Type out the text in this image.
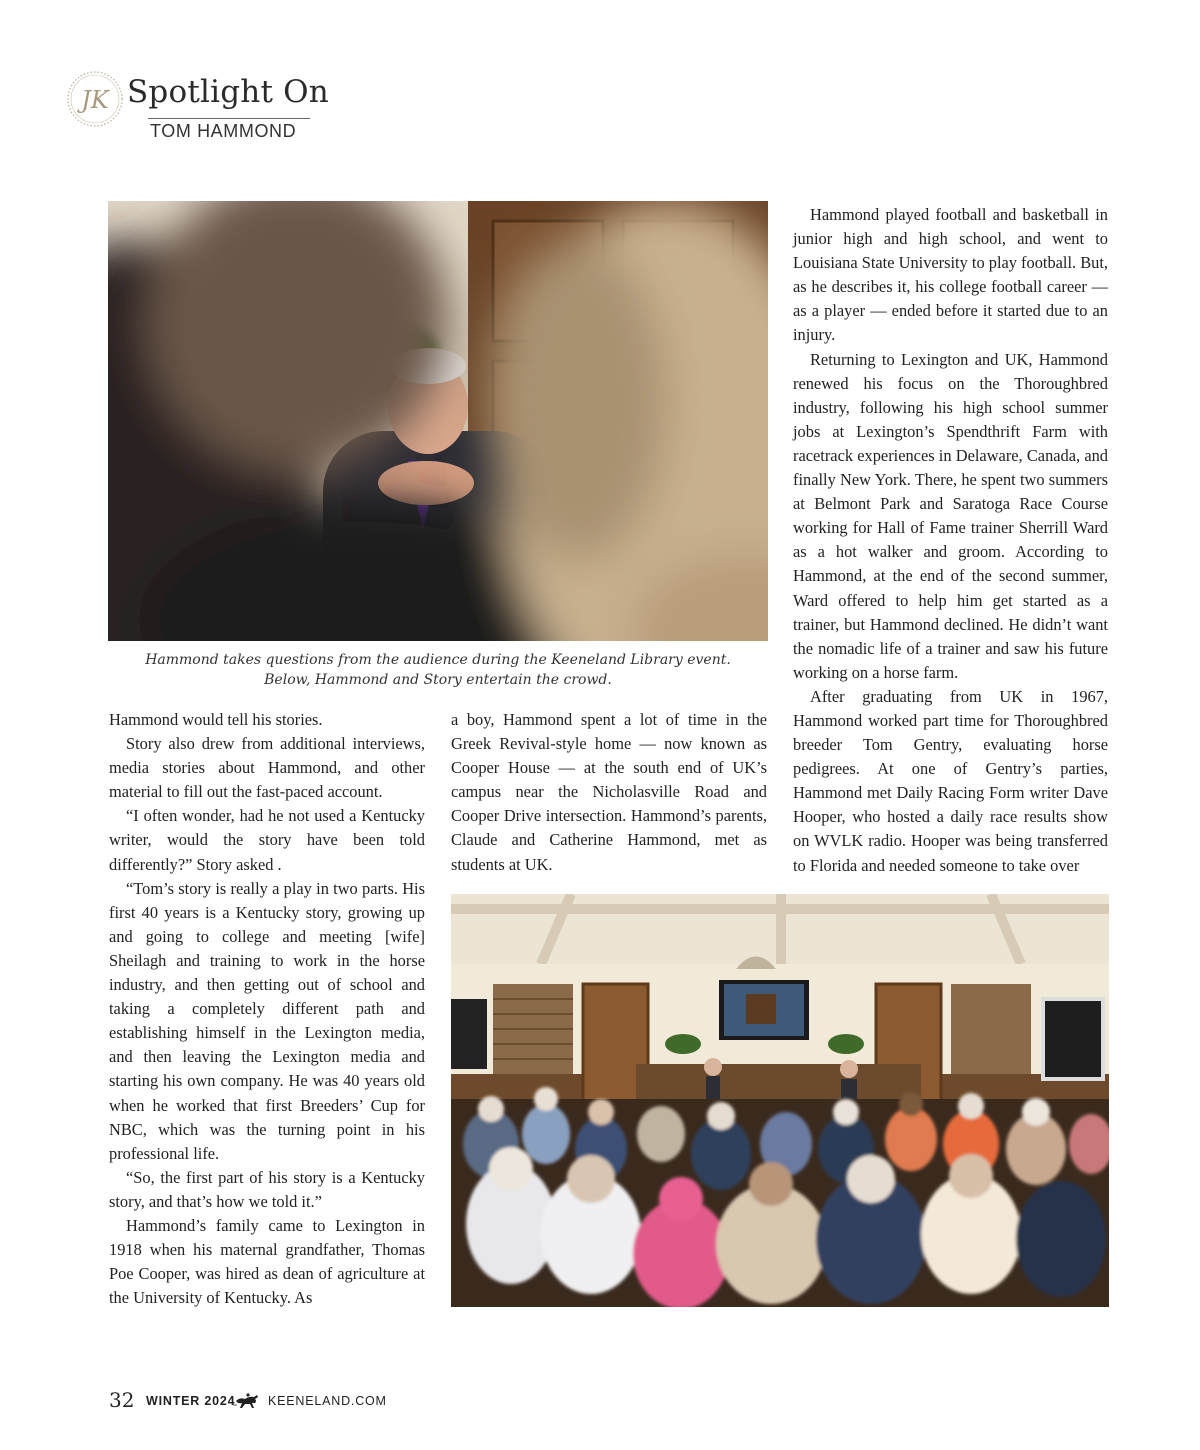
JK Spotlight On
TOM HAMMOND
Hammond takes questions from the audience during the Keeneland Library event.
Below, Hammond and Story entertain the crowd.

Hammond played football and basketball in junior high and high school, and went to Louisiana State University to play football. But, as he describes it, his college football career — as a player — ended before it started due to an injury.

Returning to Lexington and UK, Hammond renewed his focus on the Thoroughbred industry, following his high school summer jobs at Lexington’s Spendthrift Farm with racetrack experiences in Delaware, Canada, and finally New York. There, he spent two summers at Belmont Park and Saratoga Race Course working for Hall of Fame trainer Sherrill Ward as a hot walker and groom. According to Hammond, at the end of the second summer, Ward offered to help him get started as a trainer, but Hammond declined. He didn’t want the nomadic life of a trainer and saw his future working on a horse farm.

After graduating from UK in 1967, Hammond worked part time for Thoroughbred breeder Tom Gentry, evaluating horse pedigrees. At one of Gentry’s parties, Hammond met Daily Racing Form writer Dave Hooper, who hosted a daily race results show on WVLK radio. Hooper was being transferred to Florida and needed someone to take over

Hammond would tell his stories.

Story also drew from additional interviews, media stories about Hammond, and other material to fill out the fast-paced account.

“I often wonder, had he not used a Kentucky writer, would the story have been told differently?” Story asked .

“Tom’s story is really a play in two parts. His first 40 years is a Kentucky story, growing up and going to college and meeting [wife] Sheilagh and training to work in the horse industry, and then getting out of school and taking a completely different path and establishing himself in the Lexington media, and then leaving the Lexington media and starting his own company. He was 40 years old when he worked that first Breeders’ Cup for NBC, which was the turning point in his professional life.

“So, the first part of his story is a Kentucky story, and that’s how we told it.”

Hammond’s family came to Lexington in 1918 when his maternal grandfather, Thomas Poe Cooper, was hired as dean of agriculture at the University of Kentucky. As

a boy, Hammond spent a lot of time in the Greek Revival-style home — now known as Cooper House — at the south end of UK’s campus near the Nicholasville Road and Cooper Drive intersection. Hammond’s parents, Claude and Catherine Hammond, met as students at UK.

32 WINTER 2024	KEENELAND.COM
